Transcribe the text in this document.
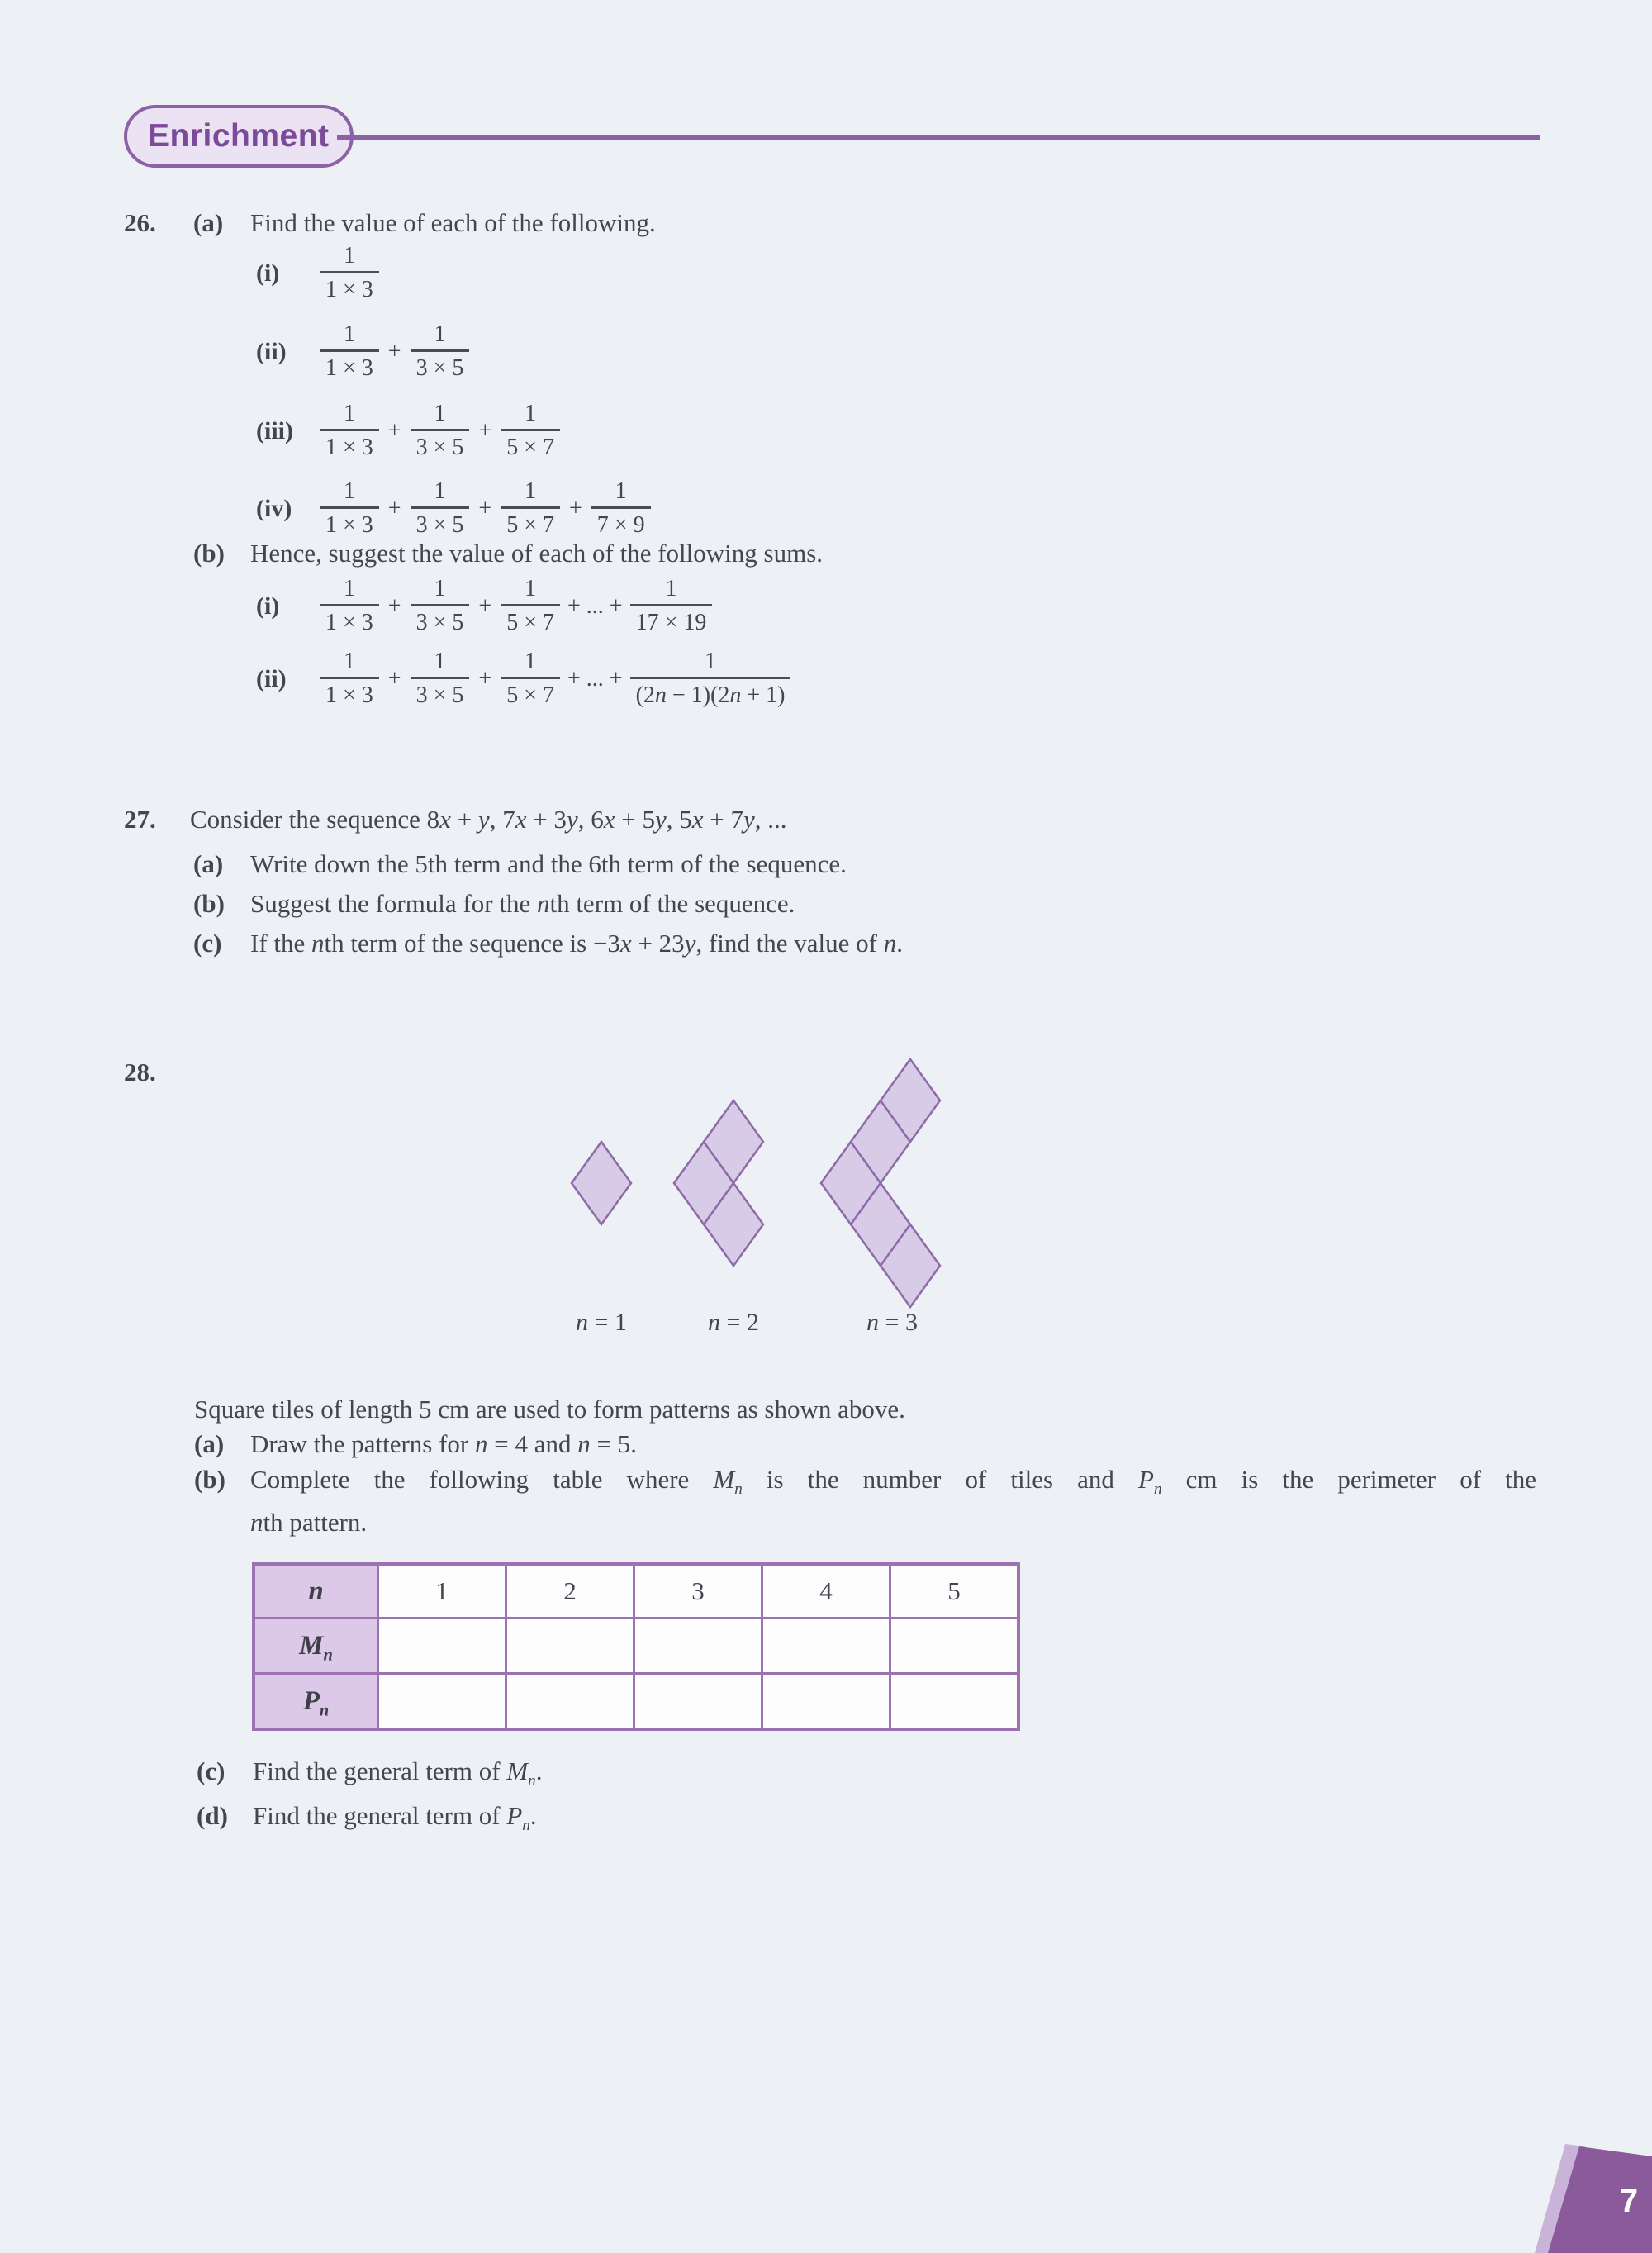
Enrichment
26.	(a)	Find the value of each of the following.
(i)	$\frac{1}{1 \times 3}$
(ii)	$\frac{1}{1 \times 3} + \frac{1}{3 \times 5}$
(iii)	$\frac{1}{1 \times 3} + \frac{1}{3 \times 5} + \frac{1}{5 \times 7}$
(iv)	$\frac{1}{1 \times 3} + \frac{1}{3 \times 5} + \frac{1}{5 \times 7} + \frac{1}{7 \times 9}$
(b)	Hence, suggest the value of each of the following sums.
(i)	$\frac{1}{1 \times 3} + \frac{1}{3 \times 5} + \frac{1}{5 \times 7}$ + ... + $\frac{1}{17 \times 19}$
(ii)	$\frac{1}{1 \times 3} + \frac{1}{3 \times 5} + \frac{1}{5 \times 7}$ + ... + $\frac{1}{(2n - 1)(2n + 1)}$
27.	Consider the sequence 8x + y, 7x + 3y, 6x + 5y, 5x + 7y, ...
(a)	Write down the 5th term and the 6th term of the sequence.
(b)	Suggest the formula for the nth term of the sequence.
(c)	If the nth term of the sequence is −3x + 23y, find the value of n.
28.
n = 1	n = 2	n = 3
Square tiles of length 5 cm are used to form patterns as shown above.
(a)	Draw the patterns for n = 4 and n = 5.
(b) Complete the following table where $M_n$ is the number of tiles and $P_n$ cm is the perimeter of the
n th pattern.
n	1	2	3	4	5
$M_n$					
$P_n$					
(c)	Find the general term of $M_n$.
(d) Find the general term of $P_n$.
7
